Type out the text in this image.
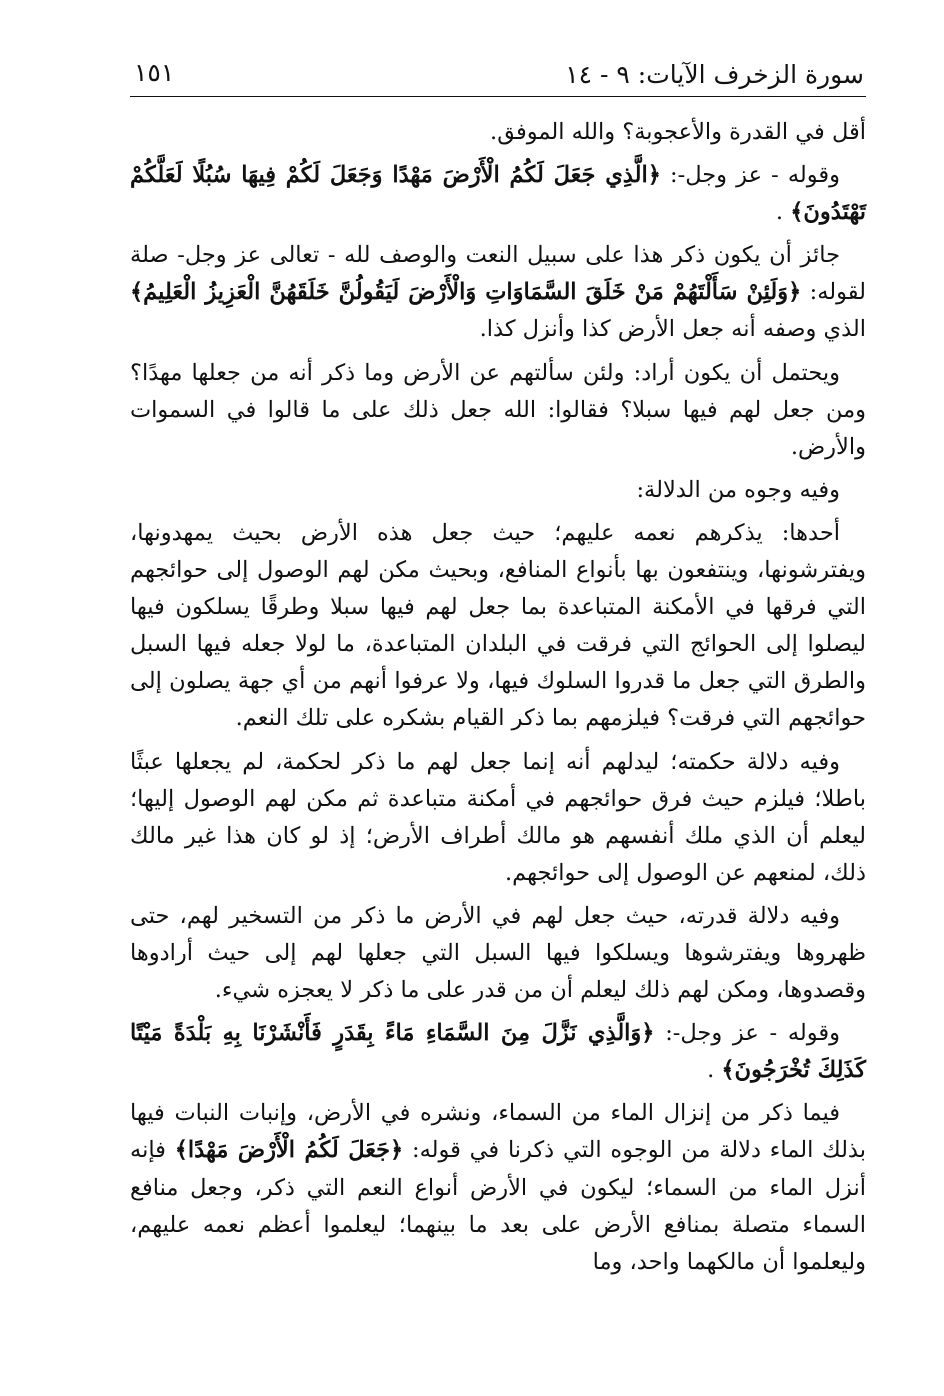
سورة الزخرف الآيات: ٩ - ١٤
١٥١

أقل في القدرة والأعجوبة؟ والله الموفق.

وقوله - عز وجل-: ﴿الَّذِي جَعَلَ لَكُمُ الْأَرْضَ مَهْدًا وَجَعَلَ لَكُمْ فِيهَا سُبُلًا لَعَلَّكُمْ تَهْتَدُونَ﴾ .

جائز أن يكون ذكر هذا على سبيل النعت والوصف لله - تعالى عز وجل- صلة لقوله: ﴿وَلَئِنْ سَأَلْتَهُمْ مَنْ خَلَقَ السَّمَاوَاتِ وَالْأَرْضَ لَيَقُولُنَّ خَلَقَهُنَّ الْعَزِيزُ الْعَلِيمُ﴾ الذي وصفه أنه جعل الأرض كذا وأنزل كذا.

ويحتمل أن يكون أراد: ولئن سألتهم عن الأرض وما ذكر أنه من جعلها مهدًا؟ ومن جعل لهم فيها سبلا؟ فقالوا: الله جعل ذلك على ما قالوا في السموات والأرض.

وفيه وجوه من الدلالة:

أحدها: يذكرهم نعمه عليهم؛ حيث جعل هذه الأرض بحيث يمهدونها، ويفترشونها، وينتفعون بها بأنواع المنافع، وبحيث مكن لهم الوصول إلى حوائجهم التي فرقها في الأمكنة المتباعدة بما جعل لهم فيها سبلا وطرقًا يسلكون فيها ليصلوا إلى الحوائج التي فرقت في البلدان المتباعدة، ما لولا جعله فيها السبل والطرق التي جعل ما قدروا السلوك فيها، ولا عرفوا أنهم من أي جهة يصلون إلى حوائجهم التي فرقت؟ فيلزمهم بما ذكر القيام بشكره على تلك النعم.

وفيه دلالة حكمته؛ ليدلهم أنه إنما جعل لهم ما ذكر لحكمة، لم يجعلها عبثًا باطلا؛ فيلزم حيث فرق حوائجهم في أمكنة متباعدة ثم مكن لهم الوصول إليها؛ ليعلم أن الذي ملك أنفسهم هو مالك أطراف الأرض؛ إذ لو كان هذا غير مالك ذلك، لمنعهم عن الوصول إلى حوائجهم.

وفيه دلالة قدرته، حيث جعل لهم في الأرض ما ذكر من التسخير لهم، حتى ظهروها ويفترشوها ويسلكوا فيها السبل التي جعلها لهم إلى حيث أرادوها وقصدوها، ومكن لهم ذلك ليعلم أن من قدر على ما ذكر لا يعجزه شيء.

وقوله - عز وجل-: ﴿وَالَّذِي نَزَّلَ مِنَ السَّمَاءِ مَاءً بِقَدَرٍ فَأَنْشَرْنَا بِهِ بَلْدَةً مَيْتًا كَذَلِكَ تُخْرَجُونَ﴾ .

فيما ذكر من إنزال الماء من السماء، ونشره في الأرض، وإنبات النبات فيها بذلك الماء دلالة من الوجوه التي ذكرنا في قوله: ﴿جَعَلَ لَكُمُ الْأَرْضَ مَهْدًا﴾ فإنه أنزل الماء من السماء؛ ليكون في الأرض أنواع النعم التي ذكر، وجعل منافع السماء متصلة بمنافع الأرض على بعد ما بينهما؛ ليعلموا أعظم نعمه عليهم، وليعلموا أن مالكهما واحد، وما
